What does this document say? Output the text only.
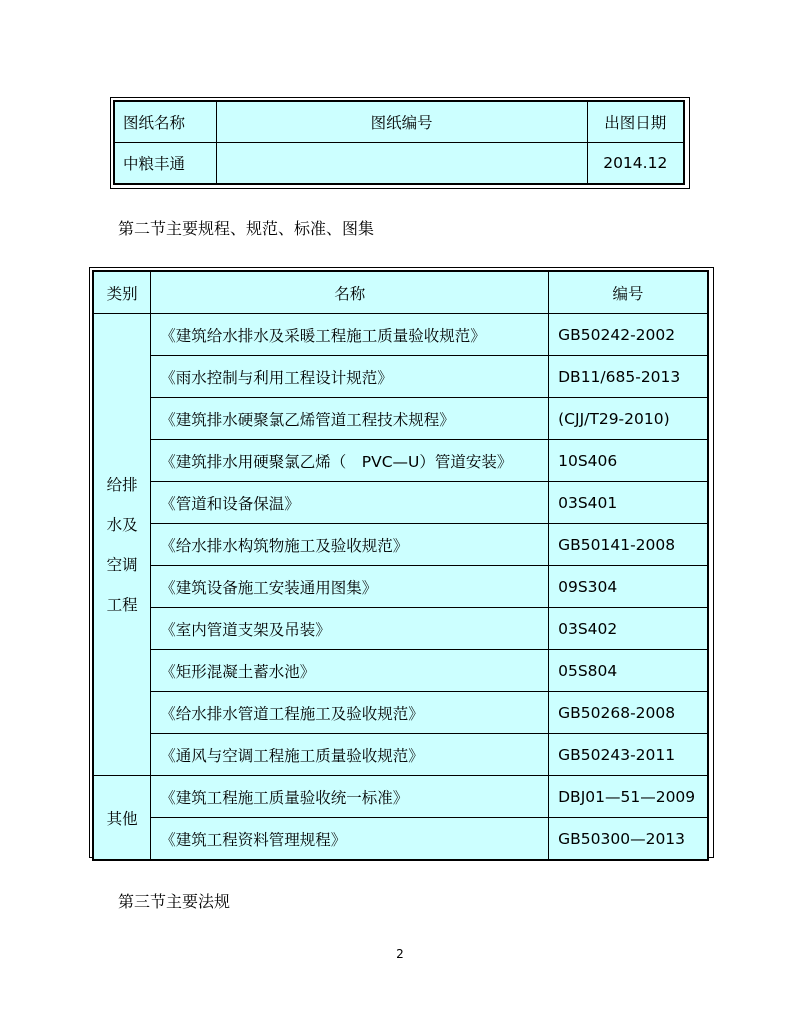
图纸名称	图纸编号	出图日期
中粮丰通		2014.12
第二节主要规程、规范、标准、图集
类别	名称	编号

给排
水及
空调
工程	《建筑给水排水及采暖工程施工质量验收规范》	GB50242-2002
	《雨水控制与利用工程设计规范》	DB11/685-2013
	《建筑排水硬聚氯乙烯管道工程技术规程》	(CJJ/T29-2010)
	《建筑排水用硬聚氯乙烯（　PVC—U）管道安装》	10S406
	《管道和设备保温》	03S401
	《给水排水构筑物施工及验收规范》	GB50141-2008
	《建筑设备施工安装通用图集》	09S304
	《室内管道支架及吊装》	03S402
	《矩形混凝土蓄水池》	05S804
	《给水排水管道工程施工及验收规范》	GB50268-2008
	《通风与空调工程施工质量验收规范》	GB50243-2011

其他	《建筑工程施工质量验收统一标准》	DBJ01—51—2009
	《建筑工程资料管理规程》	GB50300—2013
第三节主要法规
2
